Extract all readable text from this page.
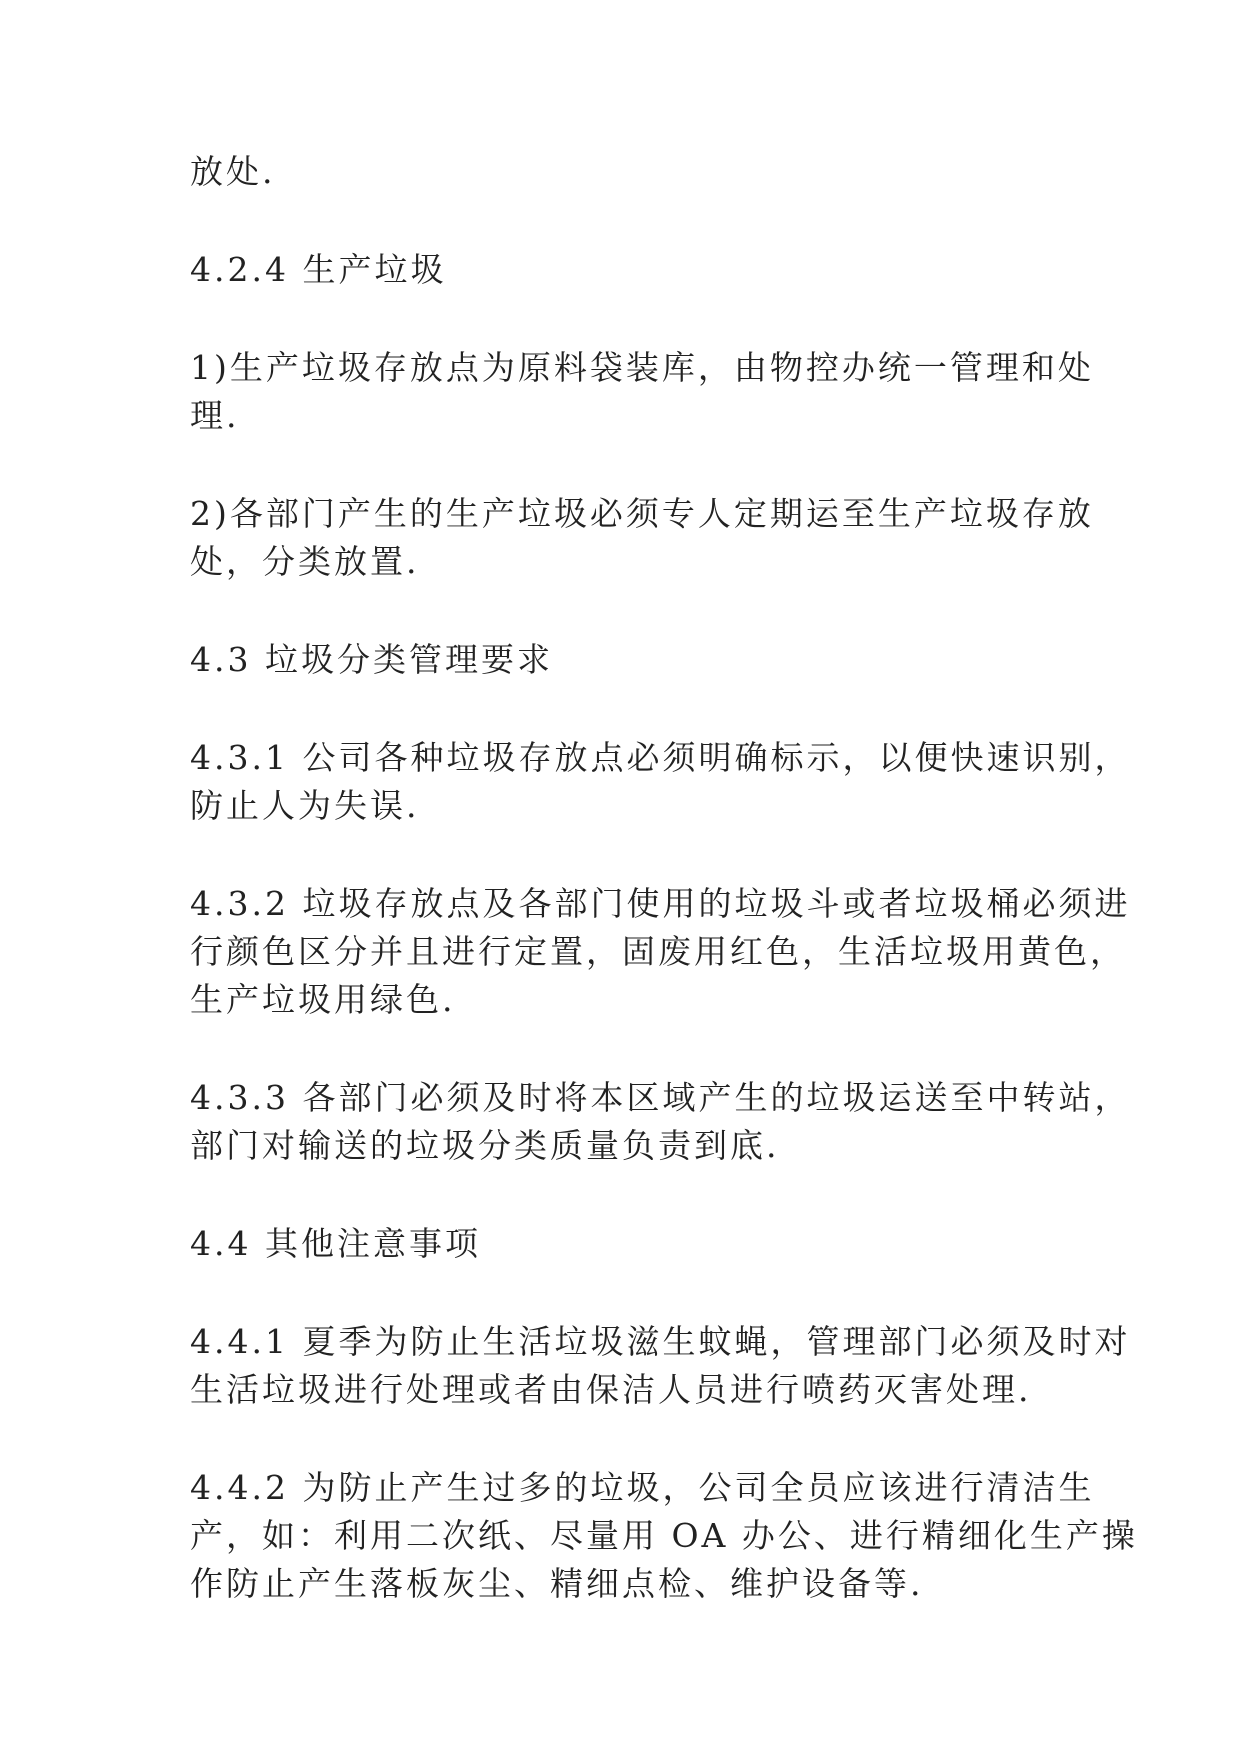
放处.

4.2.4 生产垃圾

1)生产垃圾存放点为原料袋装库，由物控办统一管理和处
理.

2)各部门产生的生产垃圾必须专人定期运至生产垃圾存放
处，分类放置.

4.3 垃圾分类管理要求

4.3.1 公司各种垃圾存放点必须明确标示，以便快速识别，
防止人为失误.

4.3.2 垃圾存放点及各部门使用的垃圾斗或者垃圾桶必须进
行颜色区分并且进行定置，固废用红色，生活垃圾用黄色，
生产垃圾用绿色.

4.3.3 各部门必须及时将本区域产生的垃圾运送至中转站，
部门对输送的垃圾分类质量负责到底.

4.4 其他注意事项

4.4.1 夏季为防止生活垃圾滋生蚊蝇，管理部门必须及时对
生活垃圾进行处理或者由保洁人员进行喷药灭害处理.

4.4.2 为防止产生过多的垃圾，公司全员应该进行清洁生
产，如：利用二次纸、尽量用 OA 办公、进行精细化生产操
作防止产生落板灰尘、精细点检、维护设备等.
